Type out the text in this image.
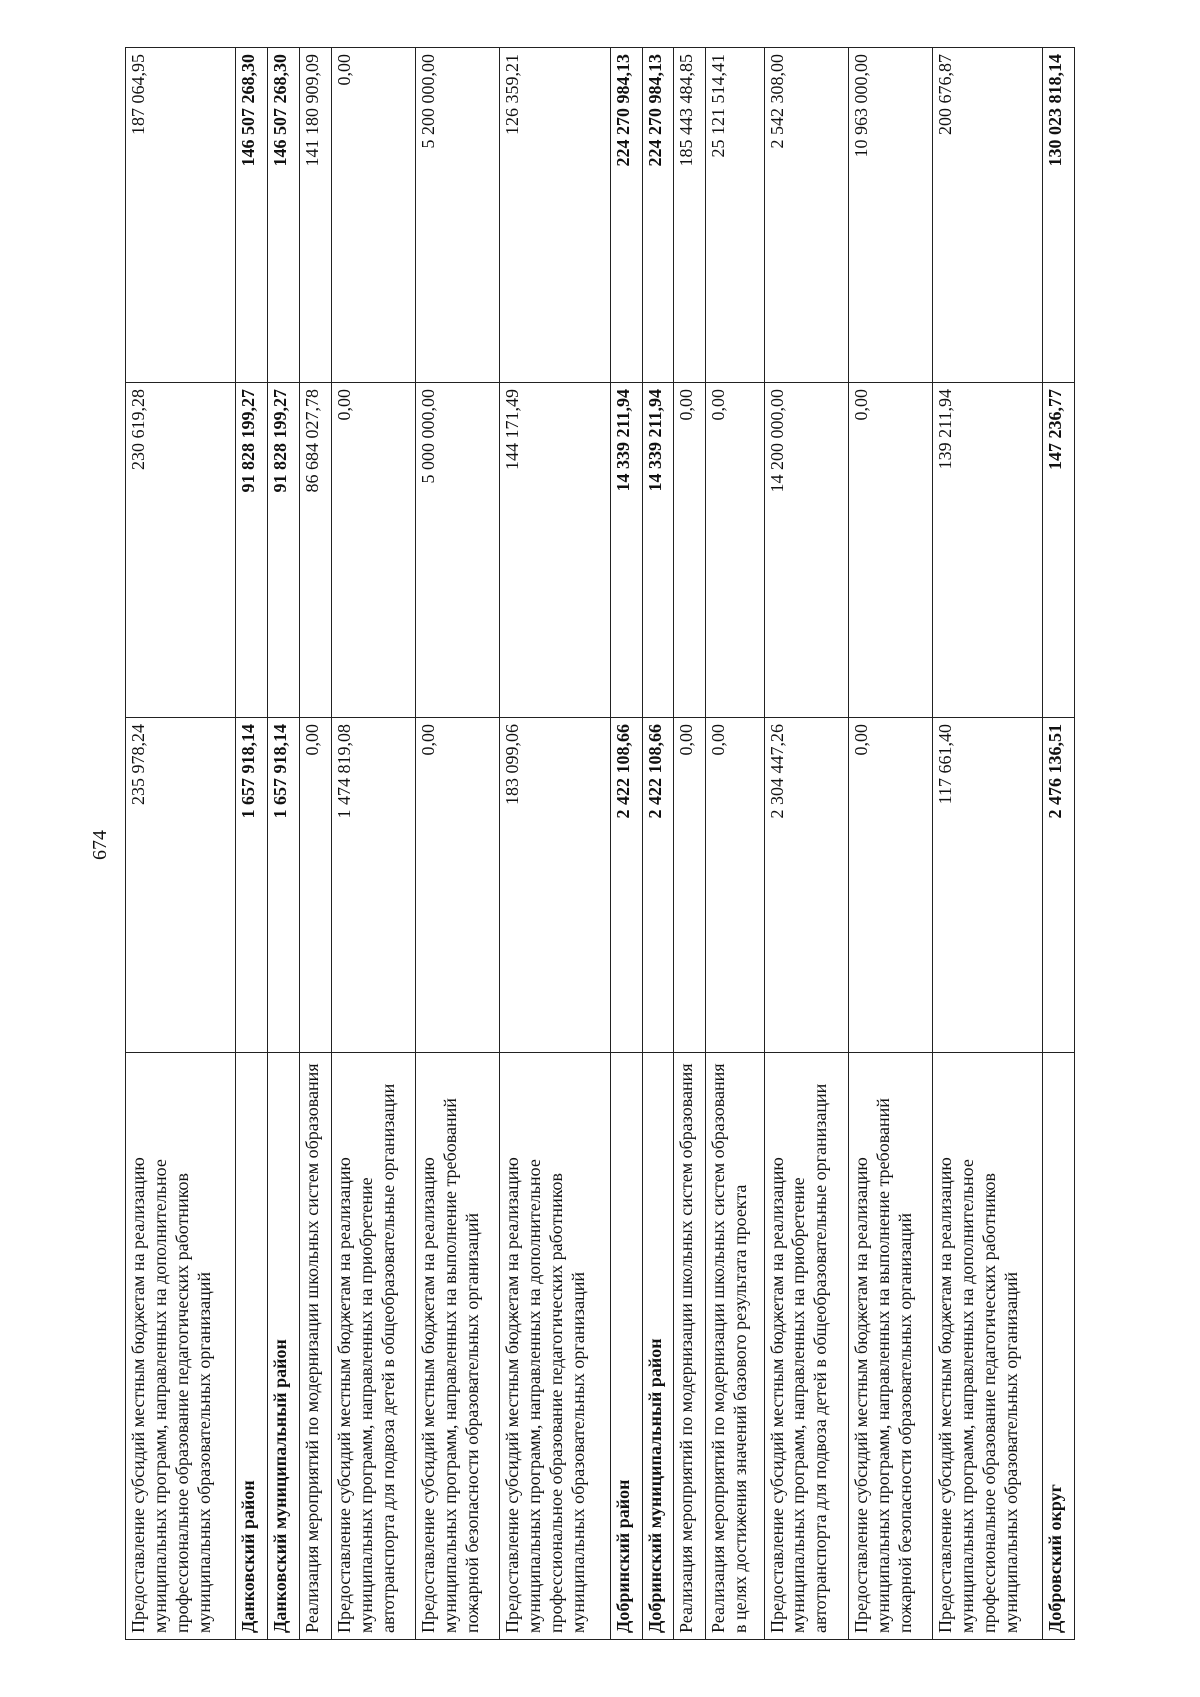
674
Предоставление субсидий местным бюджетам на реализацию муниципальных программ, направленных на дополнительное профессиональное образование педагогических работников муниципальных образовательных организаций	235 978,24	230 619,28	187 064,95
Данковский район	1 657 918,14	91 828 199,27	146 507 268,30
Данковский муниципальный район	1 657 918,14	91 828 199,27	146 507 268,30
Реализация мероприятий по модернизации школьных систем образования	0,00	86 684 027,78	141 180 909,09
Предоставление субсидий местным бюджетам на реализацию муниципальных программ, направленных на приобретение автотранспорта для подвоза детей в общеобразовательные организации	1 474 819,08	0,00	0,00
Предоставление субсидий местным бюджетам на реализацию муниципальных программ, направленных на выполнение требований пожарной безопасности образовательных организаций	0,00	5 000 000,00	5 200 000,00
Предоставление субсидий местным бюджетам на реализацию муниципальных программ, направленных на дополнительное профессиональное образование педагогических работников муниципальных образовательных организаций	183 099,06	144 171,49	126 359,21
Добринский район	2 422 108,66	14 339 211,94	224 270 984,13
Добринский муниципальный район	2 422 108,66	14 339 211,94	224 270 984,13
Реализация мероприятий по модернизации школьных систем образования	0,00	0,00	185 443 484,85
Реализация мероприятий по модернизации школьных систем образования в целях достижения значений базового результата проекта	0,00	0,00	25 121 514,41
Предоставление субсидий местным бюджетам на реализацию муниципальных программ, направленных на приобретение автотранспорта для подвоза детей в общеобразовательные организации	2 304 447,26	14 200 000,00	2 542 308,00
Предоставление субсидий местным бюджетам на реализацию муниципальных программ, направленных на выполнение требований пожарной безопасности образовательных организаций	0,00	0,00	10 963 000,00
Предоставление субсидий местным бюджетам на реализацию муниципальных программ, направленных на дополнительное профессиональное образование педагогических работников муниципальных образовательных организаций	117 661,40	139 211,94	200 676,87
Добровский округ	2 476 136,51	147 236,77	130 023 818,14
